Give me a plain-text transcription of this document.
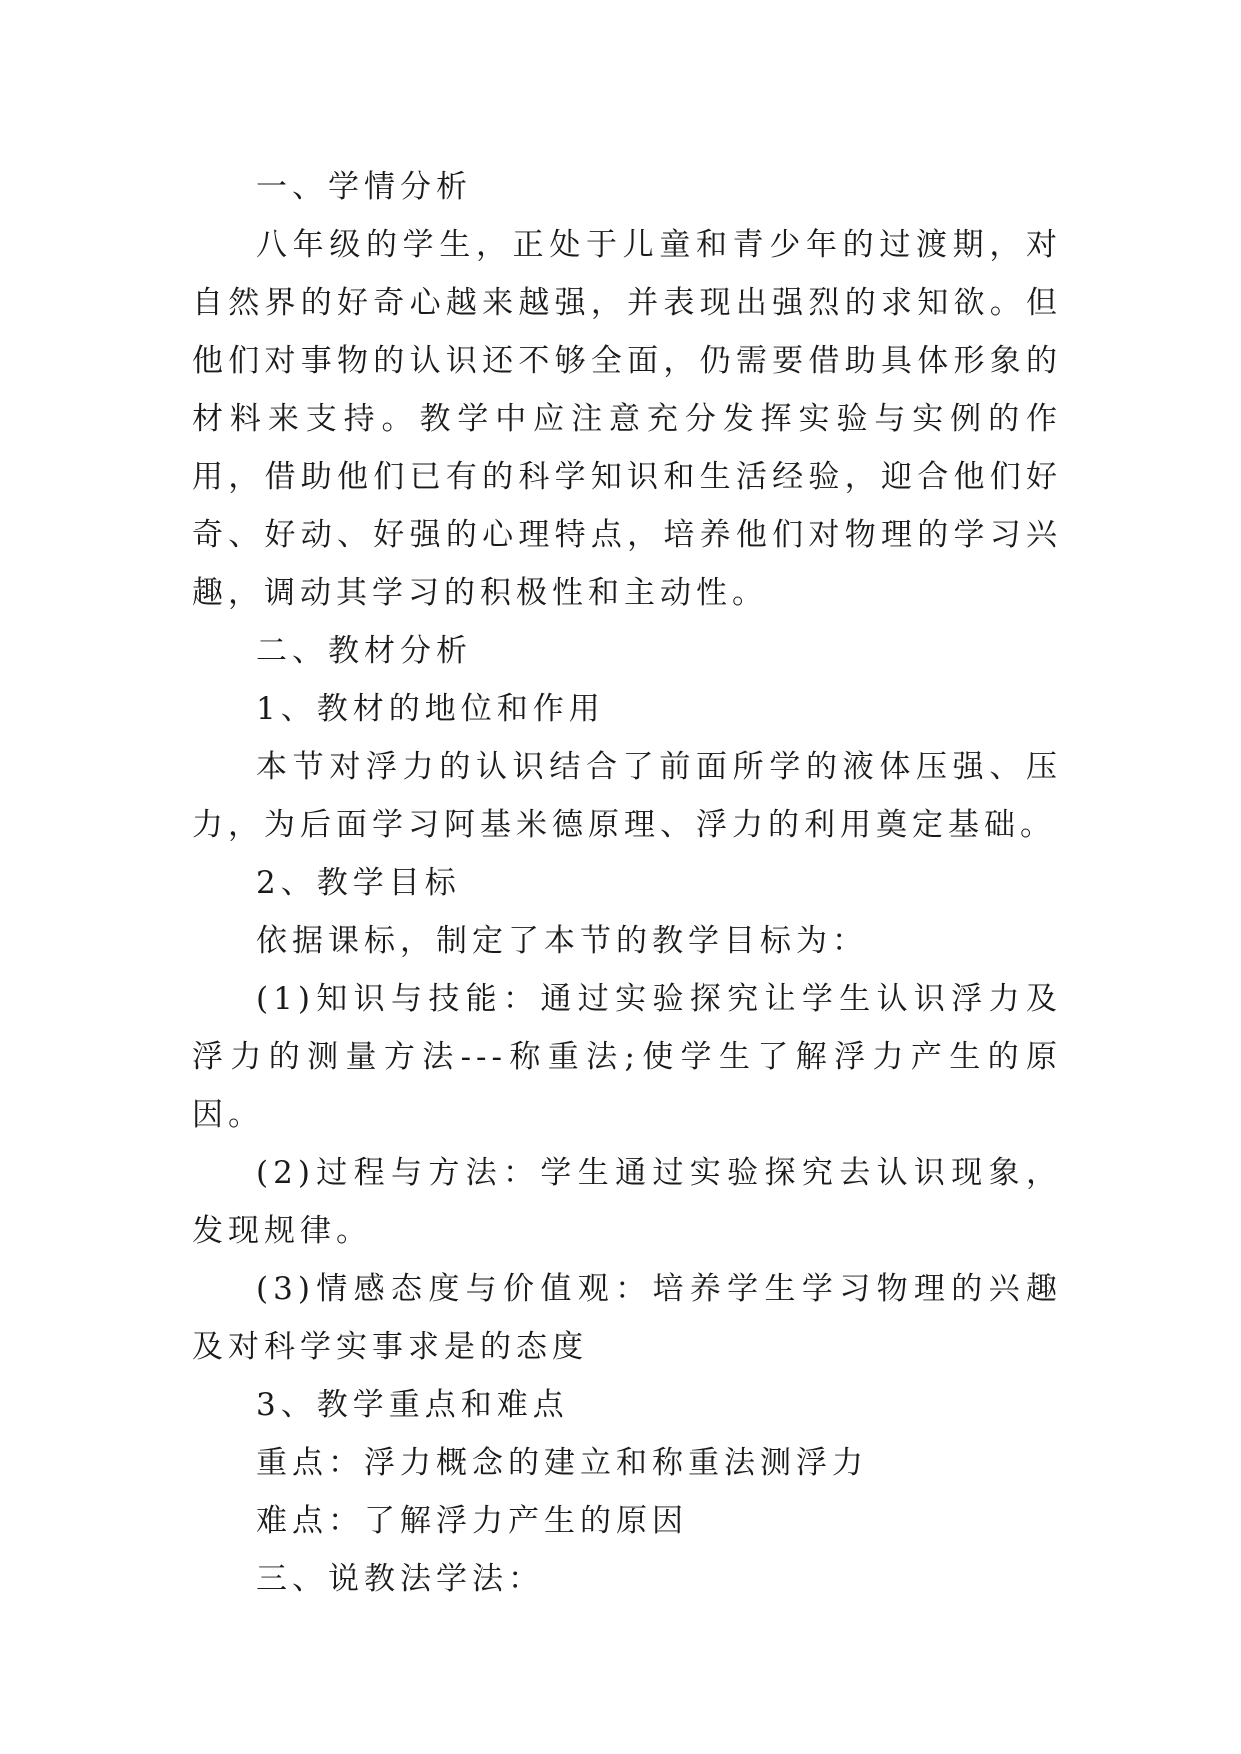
一、学情分析

八年级的学生，正处于儿童和青少年的过渡期，对自然界的好奇心越来越强，并表现出强烈的求知欲。但他们对事物的认识还不够全面，仍需要借助具体形象的材料来支持。教学中应注意充分发挥实验与实例的作用，借助他们已有的科学知识和生活经验，迎合他们好奇、好动、好强的心理特点，培养他们对物理的学习兴趣，调动其学习的积极性和主动性。

二、教材分析

1、教材的地位和作用

本节对浮力的认识结合了前面所学的液体压强、压力，为后面学习阿基米德原理、浮力的利用奠定基础。

2、教学目标

依据课标，制定了本节的教学目标为：

(1)知识与技能：通过实验探究让学生认识浮力及浮力的测量方法---称重法;使学生了解浮力产生的原因。

(2)过程与方法：学生通过实验探究去认识现象，发现规律。

(3)情感态度与价值观：培养学生学习物理的兴趣及对科学实事求是的态度

3、教学重点和难点

重点：浮力概念的建立和称重法测浮力

难点：了解浮力产生的原因

三、说教法学法：
